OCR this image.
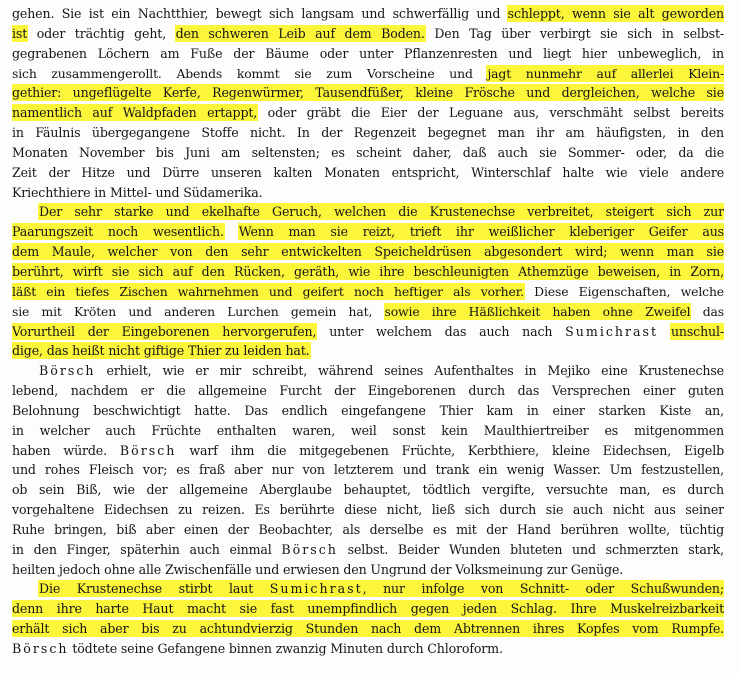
gehen. Sie ist ein Nachtthier, bewegt sich langsam und schwerfällig und schleppt, wenn sie alt geworden
ist oder trächtig geht, den schweren Leib auf dem Boden. Den Tag über verbirgt sie sich in selbst-
gegrabenen Löchern am Fuße der Bäume oder unter Pflanzenresten und liegt hier unbeweglich, in
sich zusammengerollt. Abends kommt sie zum Vorscheine und jagt nunmehr auf allerlei Klein-
gethier: ungeflügelte Kerfe, Regenwürmer, Tausendfüßer, kleine Frösche und dergleichen, welche sie
namentlich auf Waldpfaden ertappt, oder gräbt die Eier der Leguane aus, verschmäht selbst bereits
in Fäulnis übergegangene Stoffe nicht. In der Regenzeit begegnet man ihr am häufigsten, in den
Monaten November bis Juni am seltensten; es scheint daher, daß auch sie Sommer- oder, da die
Zeit der Hitze und Dürre unseren kalten Monaten entspricht, Winterschlaf halte wie viele andere
Kriechthiere in Mittel- und Südamerika.
Der sehr starke und ekelhafte Geruch, welchen die Krustenechse verbreitet, steigert sich zur
Paarungszeit noch wesentlich. Wenn man sie reizt, trieft ihr weißlicher kleberiger Geifer aus
dem Maule, welcher von den sehr entwickelten Speicheldrüsen abgesondert wird; wenn man sie
berührt, wirft sie sich auf den Rücken, geräth, wie ihre beschleunigten Athemzüge beweisen, in Zorn,
läßt ein tiefes Zischen wahrnehmen und geifert noch heftiger als vorher. Diese Eigenschaften, welche
sie mit Kröten und anderen Lurchen gemein hat, sowie ihre Häßlichkeit haben ohne Zweifel das
Vorurtheil der Eingeborenen hervorgerufen, unter welchem das auch nach Sumichrast unschul-
dige, das heißt nicht giftige Thier zu leiden hat.
Börsch erhielt, wie er mir schreibt, während seines Aufenthaltes in Mejiko eine Krustenechse
lebend, nachdem er die allgemeine Furcht der Eingeborenen durch das Versprechen einer guten
Belohnung beschwichtigt hatte. Das endlich eingefangene Thier kam in einer starken Kiste an,
in welcher auch Früchte enthalten waren, weil sonst kein Maulthiertreiber es mitgenommen
haben würde. Börsch warf ihm die mitgegebenen Früchte, Kerbthiere, kleine Eidechsen, Eigelb
und rohes Fleisch vor; es fraß aber nur von letzterem und trank ein wenig Wasser. Um festzustellen,
ob sein Biß, wie der allgemeine Aberglaube behauptet, tödtlich vergifte, versuchte man, es durch
vorgehaltene Eidechsen zu reizen. Es berührte diese nicht, ließ sich durch sie auch nicht aus seiner
Ruhe bringen, biß aber einen der Beobachter, als derselbe es mit der Hand berühren wollte, tüchtig
in den Finger, späterhin auch einmal Börsch selbst. Beider Wunden bluteten und schmerzten stark,
heilten jedoch ohne alle Zwischenfälle und erwiesen den Ungrund der Volksmeinung zur Genüge.
Die Krustenechse stirbt laut Sumichrast, nur infolge von Schnitt- oder Schußwunden;
denn ihre harte Haut macht sie fast unempfindlich gegen jeden Schlag. Ihre Muskelreizbarkeit
erhält sich aber bis zu achtundvierzig Stunden nach dem Abtrennen ihres Kopfes vom Rumpfe.
Börsch tödtete seine Gefangene binnen zwanzig Minuten durch Chloroform.
